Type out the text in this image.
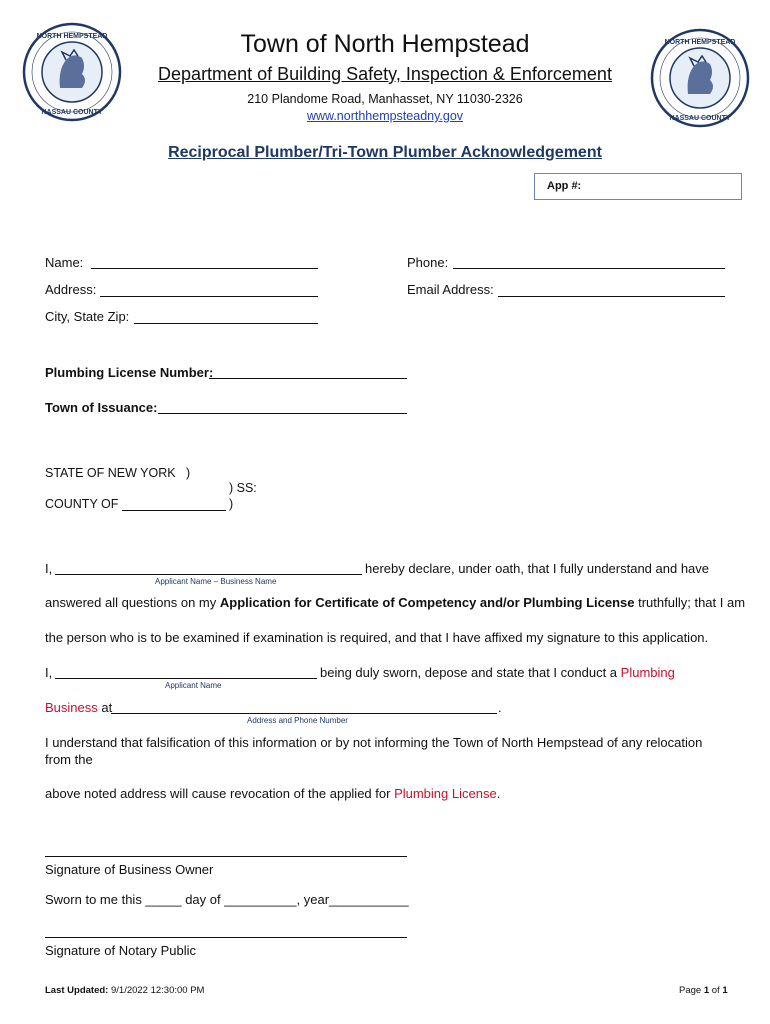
NORTH HEMPSTEAD
NASSAU COUNTY
NORTH HEMPSTEAD
NASSAU COUNTY
Town of North Hempstead
Department of Building Safety, Inspection & Enforcement
210 Plandome Road, Manhasset, NY 11030-2326
www.northhempsteadny.gov
Reciprocal Plumber/Tri-Town Plumber Acknowledgement
App #:
Name:	Phone:
Address:	Email Address:
City, State Zip:
Plumbing License Number:
Town of Issuance:
STATE OF NEW YORK   )
) SS:
COUNTY OF	)
I,	hereby declare, under oath, that I fully understand and have
Applicant Name – Business Name
answered all questions on my Application for Certificate of Competency and/or Plumbing License truthfully; that I am
the person who is to be examined if examination is required, and that I have affixed my signature to this application.
I,	being duly sworn, depose and state that I conduct a Plumbing
Applicant Name
Business at	.
Address and Phone Number
I understand that falsification of this information or by not informing the Town of North Hempstead of any relocation
from the
above noted address will cause revocation of the applied for Plumbing License.
Signature of Business Owner
Sworn to me this _____ day of __________, year___________
Signature of Notary Public
Last Updated: 9/1/2022 12:30:00 PM	Page 1 of 1
